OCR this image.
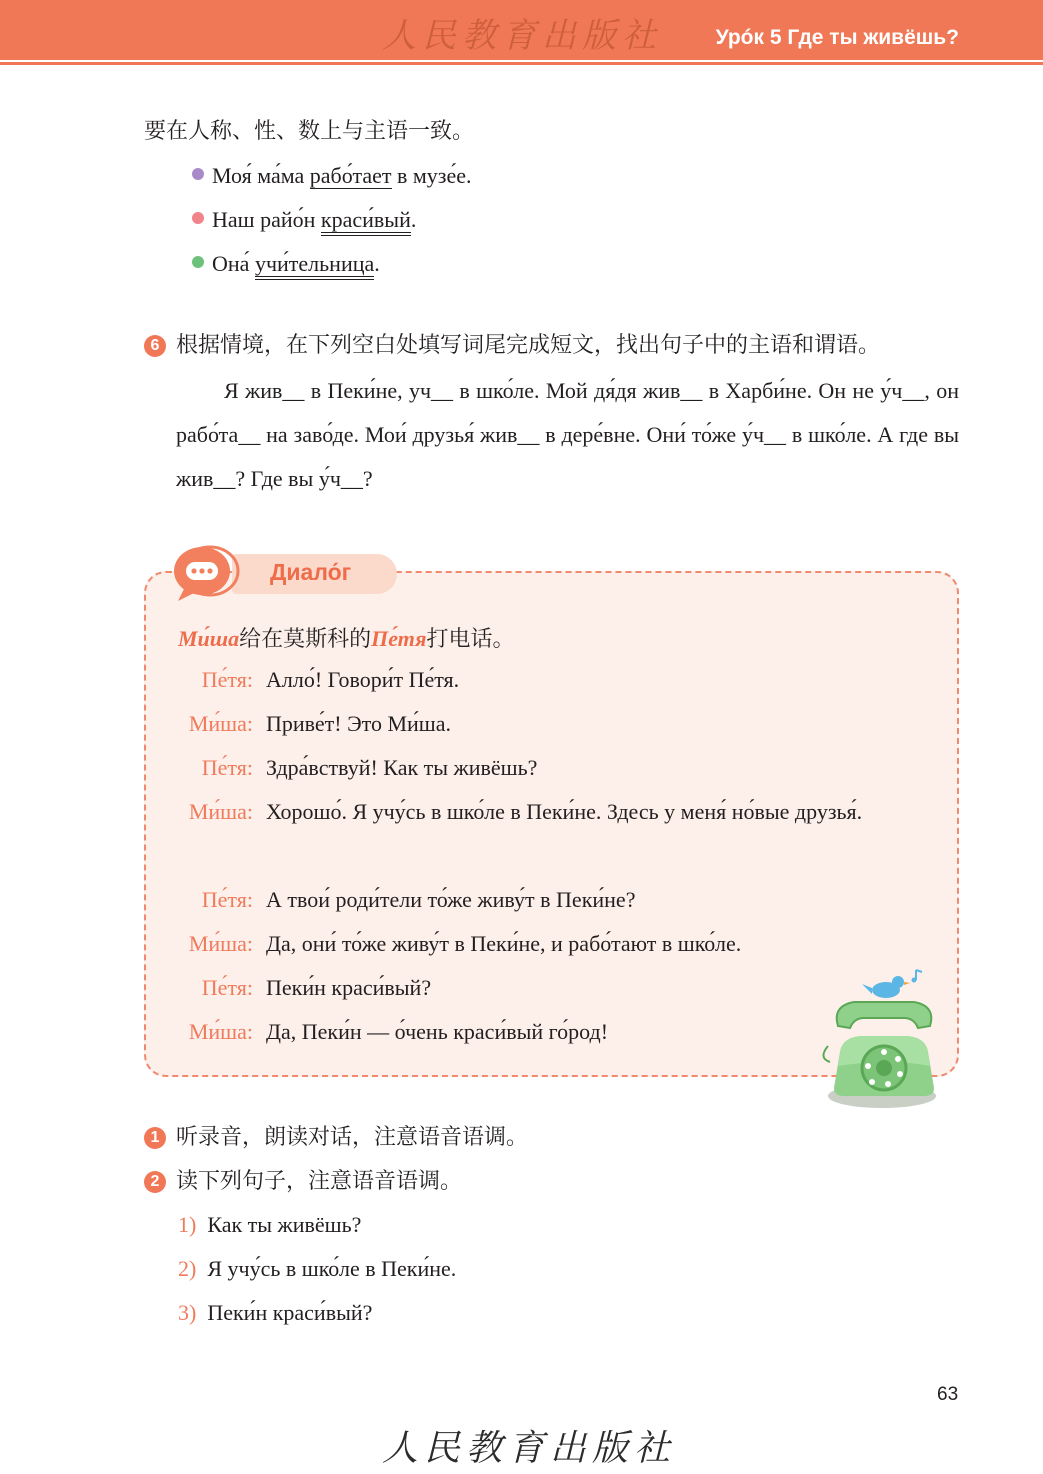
人民教育出版社	Урóк 5 Где ты живёшь?
要在人称、性、数上与主语一致。
Моя́ ма́ма рабо́тает в музе́е.
Наш райо́н краси́вый.
Она́ учи́тельница.
6 根据情境，在下列空白处填写词尾完成短文，找出句子中的主语和谓语。
Я жив__ в Пеки́не, уч__ в шко́ле. Мой дя́дя жив__ в Харби́не. Он не у́ч__, он рабо́та__ на заво́де. Мои́ друзья́ жив__ в дере́вне. Они́ то́же у́ч__ в шко́ле. А где вы жив__? Где вы у́ч__?
Диало́г
Ми́ша给在莫斯科的Пе́тя打电话。
Пе́тя: Алло́! Говори́т Пе́тя.
Ми́ша: Приве́т! Это Ми́ша.
Пе́тя: Здра́вствуй! Как ты живёшь?
Ми́ша: Хорошо́. Я учу́сь в шко́ле в Пеки́не. Здесь у меня́ но́вые друзья́.
Пе́тя: А твои́ роди́тели то́же живу́т в Пеки́не?
Ми́ша: Да, они́ то́же живу́т в Пеки́не, и рабо́тают в шко́ле.
Пе́тя: Пеки́н краси́вый?
Ми́ша: Да, Пеки́н — о́чень краси́вый го́род!
1 听录音，朗读对话，注意语音语调。
2 读下列句子，注意语音语调。
1) Как ты живёшь?
2) Я учу́сь в шко́ле в Пеки́не.
3) Пеки́н краси́вый?
63
人民教育出版社
